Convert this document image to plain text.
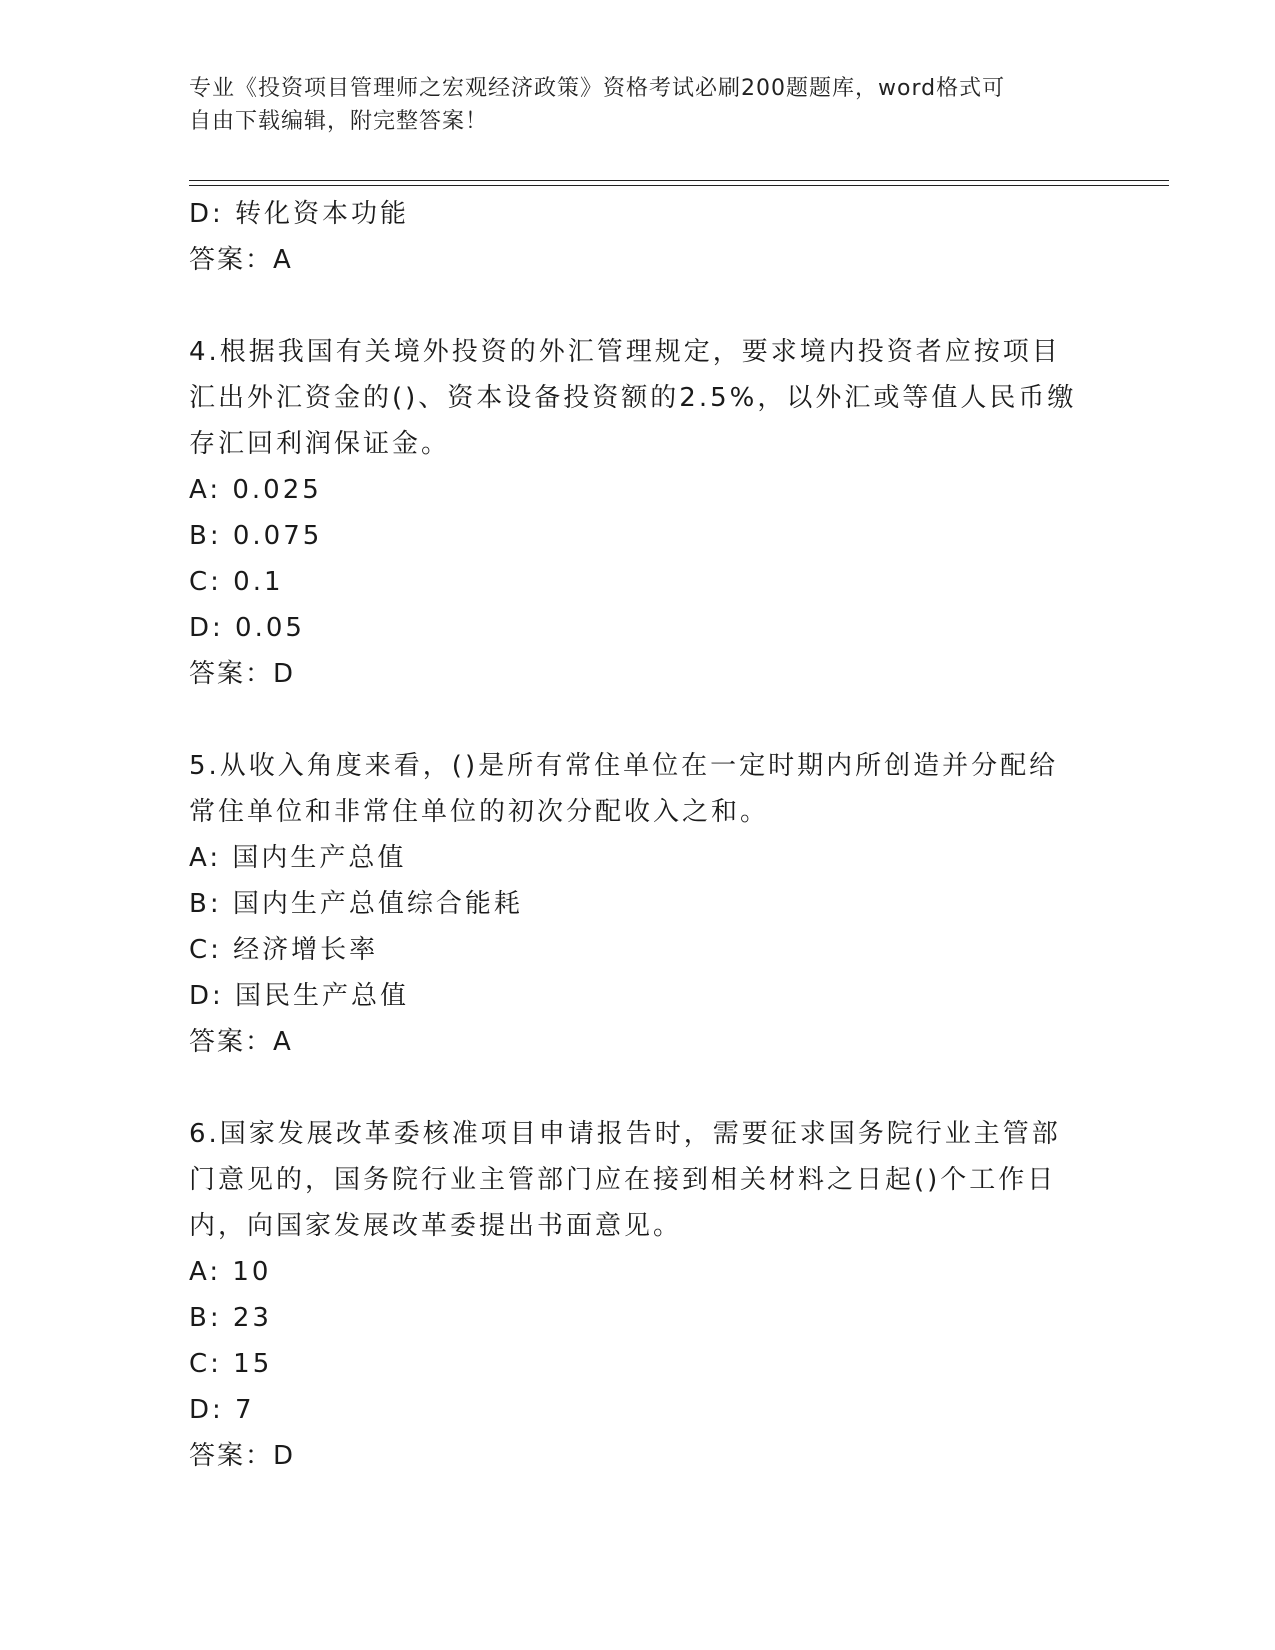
专业《投资项目管理师之宏观经济政策》资格考试必刷200题题库，word格式可
自由下载编辑，附完整答案！
D: 转化资本功能
答案：A
4.根据我国有关境外投资的外汇管理规定，要求境内投资者应按项目
汇出外汇资金的()、资本设备投资额的2.5%，以外汇或等值人民币缴
存汇回利润保证金。
A: 0.025
B: 0.075
C: 0.1
D: 0.05
答案：D
5.从收入角度来看，()是所有常住单位在一定时期内所创造并分配给
常住单位和非常住单位的初次分配收入之和。
A: 国内生产总值
B: 国内生产总值综合能耗
C: 经济增长率
D: 国民生产总值
答案：A
6.国家发展改革委核准项目申请报告时，需要征求国务院行业主管部
门意见的，国务院行业主管部门应在接到相关材料之日起()个工作日
内，向国家发展改革委提出书面意见。
A: 10
B: 23
C: 15
D: 7
答案：D
